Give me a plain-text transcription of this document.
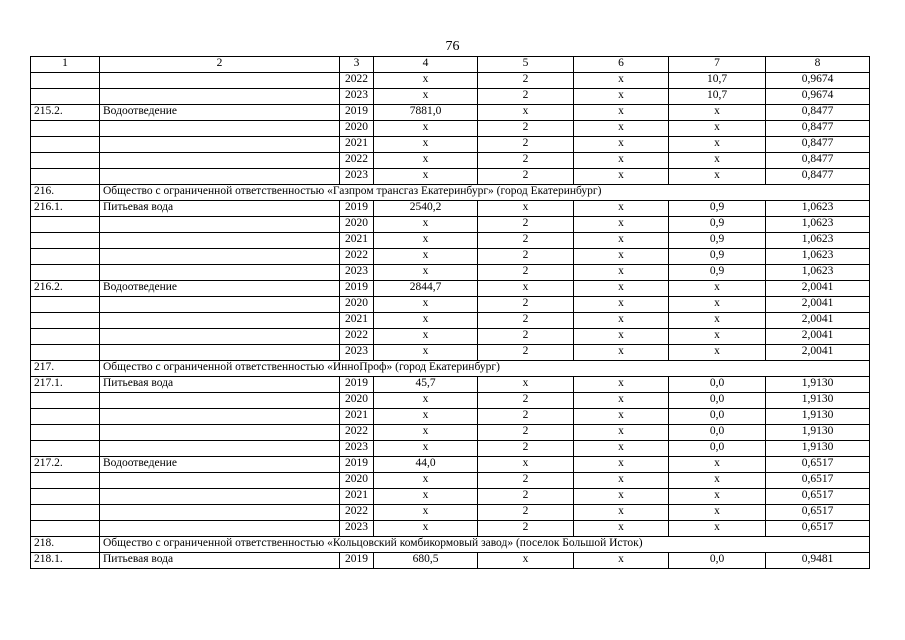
76
1	2	3	4	5	6	7	8
		2022	х	2	х	10,7	0,9674
		2023	х	2	х	10,7	0,9674
215.2.	Водоотведение	2019	7881,0	х	х	х	0,8477
		2020	х	2	х	х	0,8477
		2021	х	2	х	х	0,8477
		2022	х	2	х	х	0,8477
		2023	х	2	х	х	0,8477
216.	Общество с ограниченной ответственностью «Газпром трансгаз Екатеринбург» (город Екатеринбург)						
216.1.	Питьевая вода	2019	2540,2	х	х	0,9	1,0623
		2020	х	2	х	0,9	1,0623
		2021	х	2	х	0,9	1,0623
		2022	х	2	х	0,9	1,0623
		2023	х	2	х	0,9	1,0623
216.2.	Водоотведение	2019	2844,7	х	х	х	2,0041
		2020	х	2	х	х	2,0041
		2021	х	2	х	х	2,0041
		2022	х	2	х	х	2,0041
		2023	х	2	х	х	2,0041
217.	Общество с ограниченной ответственностью «ИнноПроф» (город Екатеринбург)						
217.1.	Питьевая вода	2019	45,7	х	х	0,0	1,9130
		2020	х	2	х	0,0	1,9130
		2021	х	2	х	0,0	1,9130
		2022	х	2	х	0,0	1,9130
		2023	х	2	х	0,0	1,9130
217.2.	Водоотведение	2019	44,0	х	х	х	0,6517
		2020	х	2	х	х	0,6517
		2021	х	2	х	х	0,6517
		2022	х	2	х	х	0,6517
		2023	х	2	х	х	0,6517
218.	Общество с ограниченной ответственностью «Кольцовский комбикормовый завод» (поселок Большой Исток)						
218.1.	Питьевая вода	2019	680,5	х	х	0,0	0,9481
